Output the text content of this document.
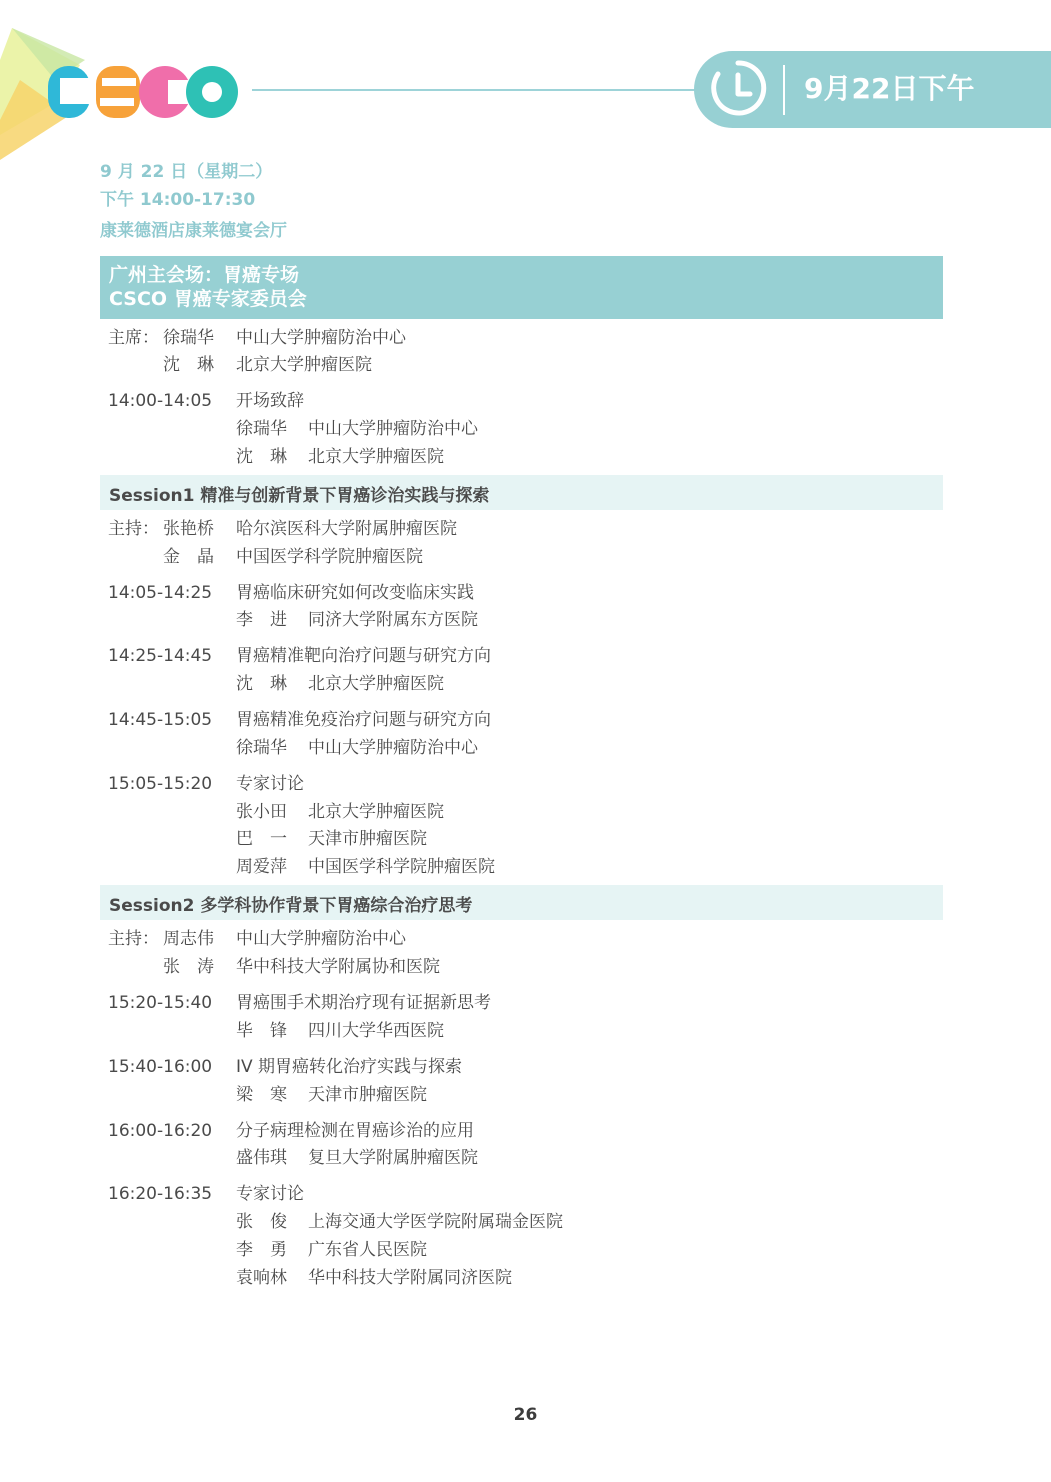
CSCO
9月22日下午
9 月 22 日（星期二）
下午 14:00-17:30
康莱德酒店康莱德宴会厅
广州主会场：胃癌专场
CSCO 胃癌专家委员会
主席： 徐瑞华 中山大学肿瘤防治中心
沈　琳 北京大学肿瘤医院
14:00-14:05 开场致辞
徐瑞华 中山大学肿瘤防治中心
沈　琳 北京大学肿瘤医院
Session1 精准与创新背景下胃癌诊治实践与探索
主持： 张艳桥 哈尔滨医科大学附属肿瘤医院
金　晶 中国医学科学院肿瘤医院
14:05-14:25 胃癌临床研究如何改变临床实践
李　进 同济大学附属东方医院
14:25-14:45 胃癌精准靶向治疗问题与研究方向
沈　琳 北京大学肿瘤医院
14:45-15:05 胃癌精准免疫治疗问题与研究方向
徐瑞华 中山大学肿瘤防治中心
15:05-15:20 专家讨论
张小田 北京大学肿瘤医院
巴　一 天津市肿瘤医院
周爱萍 中国医学科学院肿瘤医院
Session2 多学科协作背景下胃癌综合治疗思考
主持： 周志伟 中山大学肿瘤防治中心
张　涛 华中科技大学附属协和医院
15:20-15:40 胃癌围手术期治疗现有证据新思考
毕　锋 四川大学华西医院
15:40-16:00 IV 期胃癌转化治疗实践与探索
梁　寒 天津市肿瘤医院
16:00-16:20 分子病理检测在胃癌诊治的应用
盛伟琪 复旦大学附属肿瘤医院
16:20-16:35 专家讨论
张　俊 上海交通大学医学院附属瑞金医院
李　勇 广东省人民医院
袁响林 华中科技大学附属同济医院
26
